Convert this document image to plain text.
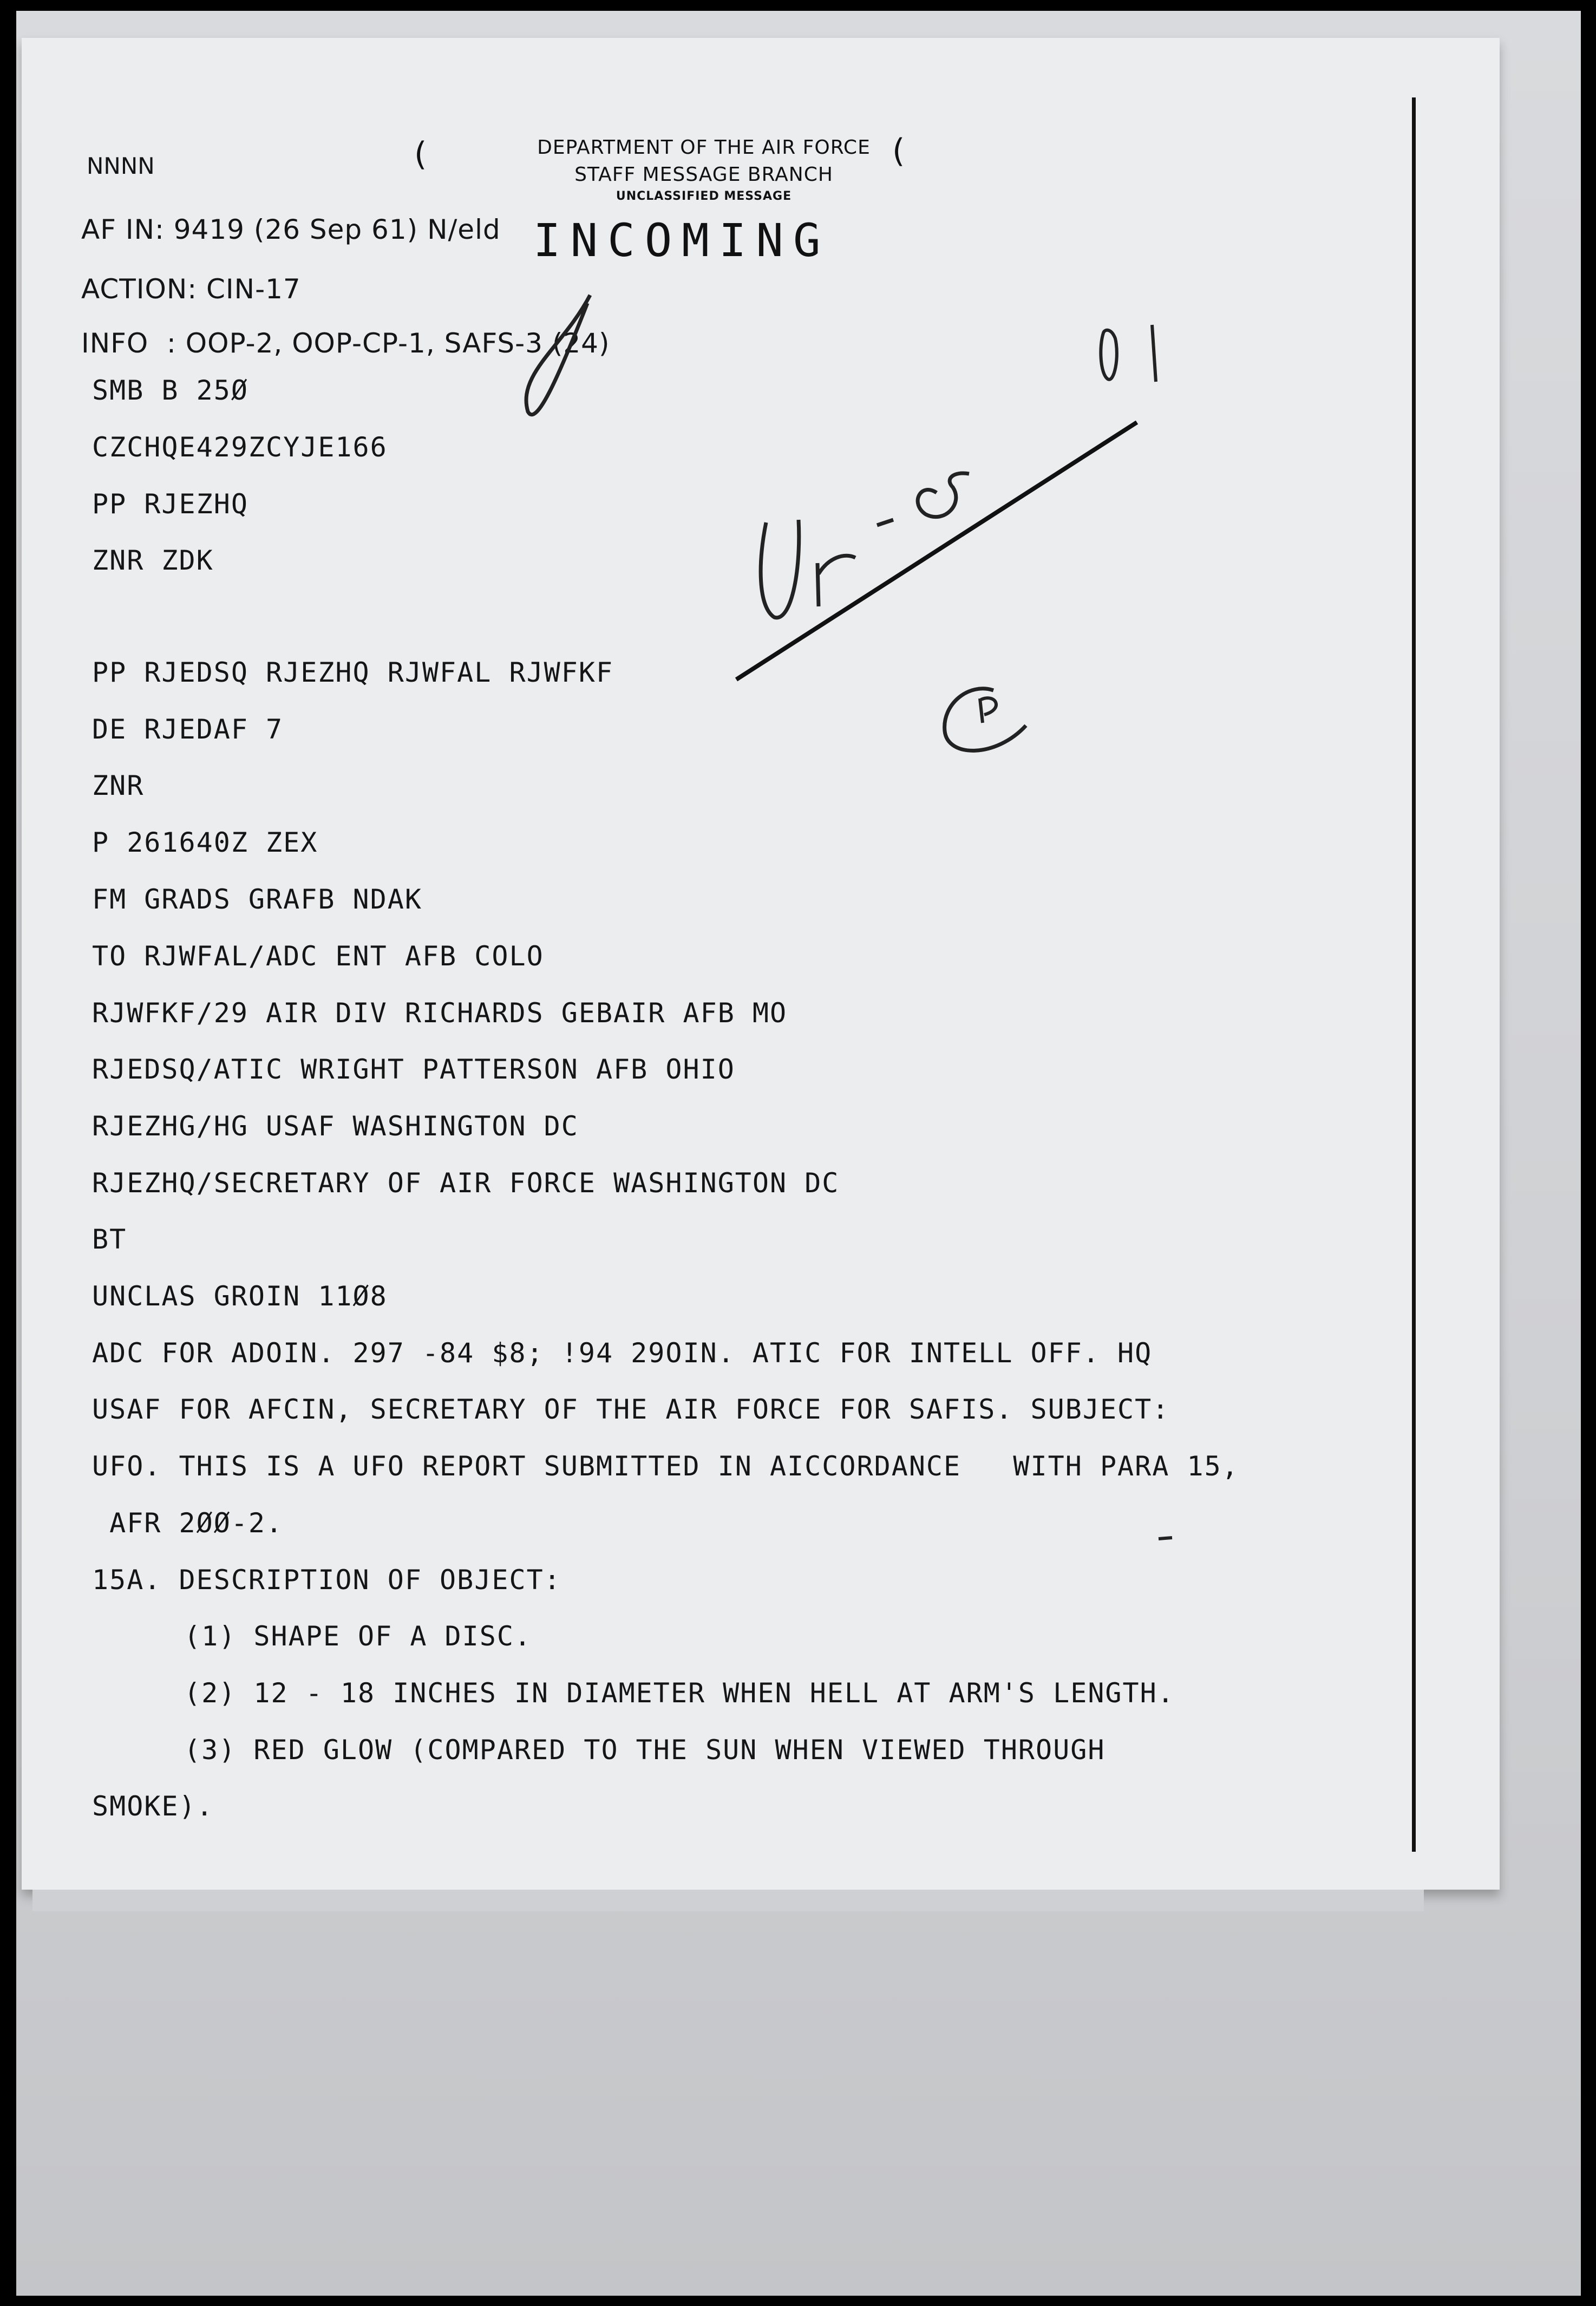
NNNN	(	(
DEPARTMENT OF THE AIR FORCE
STAFF MESSAGE BRANCH
UNCLASSIFIED MESSAGE
INCOMING
AF IN: 9419 (26 Sep 61) N/eld
ACTION: CIN-17
INFO  : OOP-2, OOP-CP-1, SAFS-3 (24)
SMB B 25Ø
CZCHQE429ZCYJE166
PP RJEZHQ
ZNR ZDK
PP RJEDSQ RJEZHQ RJWFAL RJWFKF
DE RJEDAF 7
ZNR
P 261640Z ZEX
FM GRADS GRAFB NDAK
TO RJWFAL/ADC ENT AFB COLO
RJWFKF/29 AIR DIV RICHARDS GEBAIR AFB MO
RJEDSQ/ATIC WRIGHT PATTERSON AFB OHIO
RJEZHG/HG USAF WASHINGTON DC
RJEZHQ/SECRETARY OF AIR FORCE WASHINGTON DC
BT
UNCLAS GROIN 11Ø8
ADC FOR ADOIN. 297 -84 $8; !94 29OIN. ATIC FOR INTELL OFF. HQ
USAF FOR AFCIN, SECRETARY OF THE AIR FORCE FOR SAFIS. SUBJECT:
UFO. THIS IS A UFO REPORT SUBMITTED IN AICCORDANCE   WITH PARA 15,
AFR 2ØØ-2.
15A. DESCRIPTION OF OBJECT:
(1) SHAPE OF A DISC.
(2) 12 - 18 INCHES IN DIAMETER WHEN HELL AT ARM'S LENGTH.
(3) RED GLOW (COMPARED TO THE SUN WHEN VIEWED THROUGH
SMOKE).
